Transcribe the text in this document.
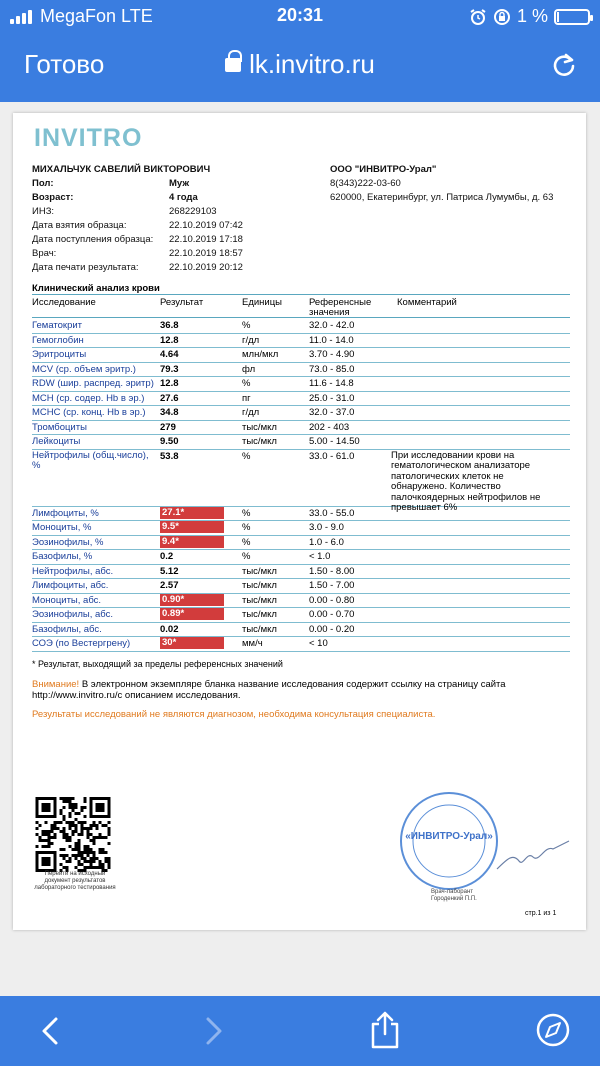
MegaFon LTE	20:31	1 %
Готово	lk.invitro.ru
INVITRO
МИХАЛЬЧУК САВЕЛИЙ ВИКТОРОВИЧ
Пол:	Муж
Возраст:	4 года
ИНЗ:	268229103
Дата взятия образца:	22.10.2019 07:42
Дата поступления образца: 22.10.2019 17:18
Врач:	22.10.2019 18:57
Дата печати результата:	22.10.2019 20:12
ООО "ИНВИТРО-Урал"
8(343)222-03-60
620000, Екатеринбург, ул. Патриса Лумумбы, д. 63
Клинический анализ крови
Исследование	Результат	Единицы	Референсные
значения
Комментарий
Гематокрит	36.8	%	32.0 - 42.0
Гемоглобин	12.8	г/дл	11.0 - 14.0
Эритроциты	4.64	млн/мкл	3.70 - 4.90
MCV (ср. объем эритр.)	79.3	фл	73.0 - 85.0
RDW (шир. распред. эритр) 12.8	%	11.6 - 14.8
MCH (ср. содер. Hb в эр.) 27.6	пг	25.0 - 31.0
MCHC (ср. конц. Hb в эр.) 34.8	г/дл	32.0 - 37.0
Тромбоциты	279	тыс/мкл	202 - 403
Лейкоциты	9.50	тыс/мкл	5.00 - 14.50
Нейтрофилы (общ.число), %
53.8	%	33.0 - 61.0	При исследовании крови на гематологическом анализаторе патологических клеток не обнаружено. Количество палочкоядерных нейтрофилов не превышает 6%
Лимфоциты, %	27.1*	%	33.0 - 55.0
Моноциты, %	9.5*	%	3.0 - 9.0
Эозинофилы, %	9.4*	%	1.0 - 6.0
Базофилы, %	0.2	%	< 1.0
Нейтрофилы, абс.	5.12	тыс/мкл	1.50 - 8.00
Лимфоциты, абс.	2.57	тыс/мкл	1.50 - 7.00
Моноциты, абс.	0.90*	тыс/мкл	0.00 - 0.80
Эозинофилы, абс.	0.89*	тыс/мкл	0.00 - 0.70
Базофилы, абс.	0.02	тыс/мкл	0.00 - 0.20
СОЭ (по Вестергрену)	30*	мм/ч	< 10
* Результат, выходящий за пределы референсных значений
Внимание! В электронном экземпляре бланка название исследования содержит ссылку на страницу сайта
http://www.invitro.ru/с описанием исследования.
Результаты исследований не являются диагнозом, необходима консультация специалиста.
Перейти на исходный документ результатов лабораторного тестирования
«ИНВИТРО-Урал»
Врач-лаборант
Городенкий П.П.
стр.1 из 1
